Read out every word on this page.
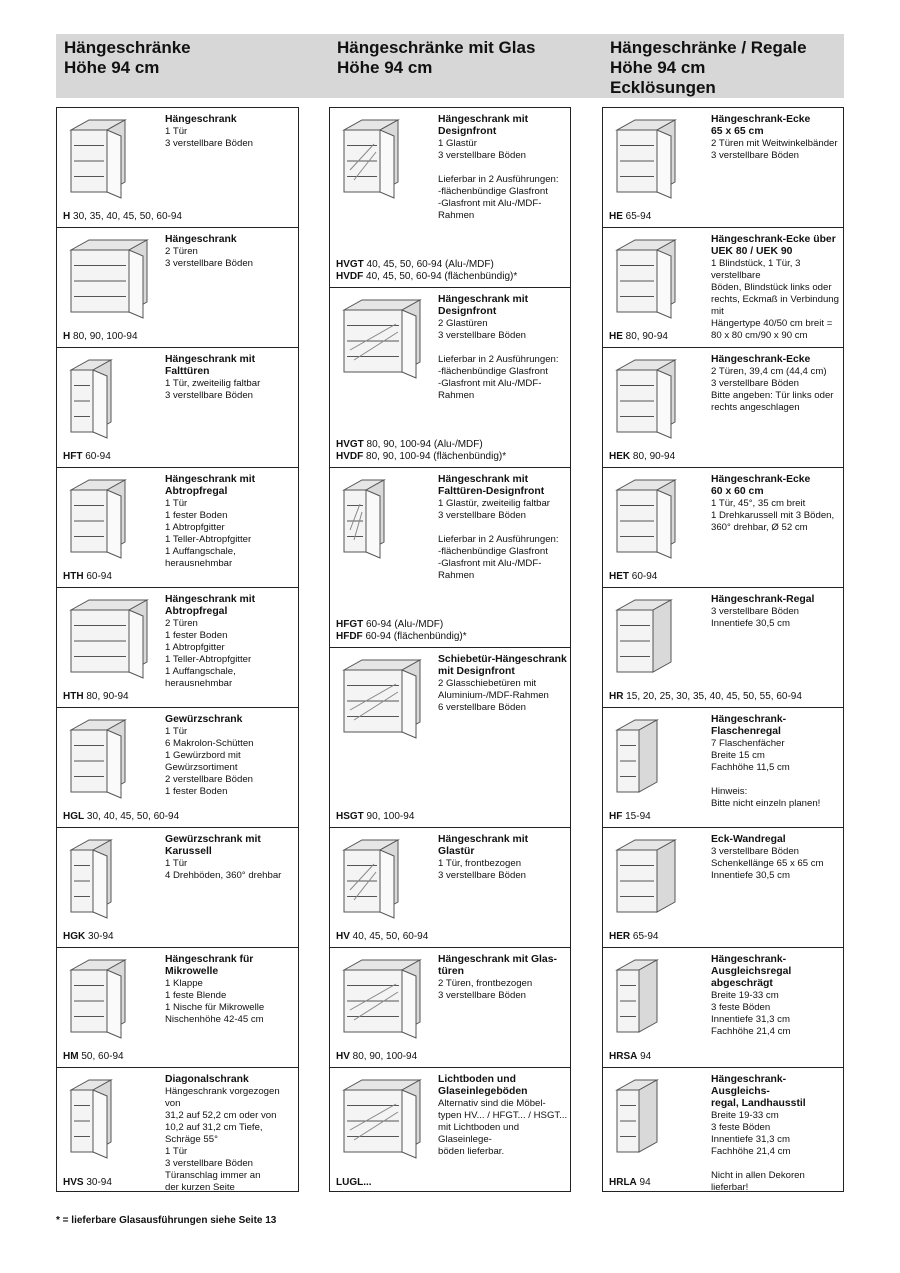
Hängeschränke
Höhe 94 cm
Hängeschränke mit Glas
Höhe 94 cm
Hängeschränke / Regale
Höhe 94 cm
Ecklösungen
Hängeschrank
1 Tür
3 verstellbare Böden
H 30, 35, 40, 45, 50, 60-94
Hängeschrank
2 Türen
3 verstellbare Böden
H 80, 90, 100-94
Hängeschrank mit
Falttüren
1 Tür, zweiteilig faltbar
3 verstellbare Böden
HFT 60-94
Hängeschrank mit
Abtropfregal
1 Tür
1 fester Boden
1 Abtropfgitter
1 Teller-Abtropfgitter
1 Auffangschale, herausnehmbar
HTH 60-94
Hängeschrank mit
Abtropfregal
2 Türen
1 fester Boden
1 Abtropfgitter
1 Teller-Abtropfgitter
1 Auffangschale, herausnehmbar
HTH 80, 90-94
Gewürzschrank
1 Tür
6 Makrolon-Schütten
1 Gewürzbord mit
Gewürzsortiment
2 verstellbare Böden
1 fester Boden
HGL 30, 40, 45, 50, 60-94
Gewürzschrank mit
Karussell
1 Tür
4 Drehböden, 360° drehbar
HGK 30-94
Hängeschrank für
Mikrowelle
1 Klappe
1 feste Blende
1 Nische für Mikrowelle
Nischenhöhe 42-45 cm
HM 50, 60-94
Diagonalschrank
Hängeschrank vorgezogen von
31,2 auf 52,2 cm oder von
10,2 auf 31,2 cm Tiefe,
Schräge 55°
1 Tür
3 verstellbare Böden
Türanschlag immer an
der kurzen Seite
HVS 30-94
Hängeschrank mit
Designfront
1 Glastür
3 verstellbare Böden

Lieferbar in 2 Ausführungen:
-flächenbündige Glasfront
-Glasfront mit Alu-/MDF-Rahmen
HVGT 40, 45, 50, 60-94 (Alu-/MDF)
HVDF 40, 45, 50, 60-94 (flächenbündig)*
Hängeschrank mit
Designfront
2 Glastüren
3 verstellbare Böden

Lieferbar in 2 Ausführungen:
-flächenbündige Glasfront
-Glasfront mit Alu-/MDF-Rahmen
HVGT 80, 90, 100-94 (Alu-/MDF)
HVDF 80, 90, 100-94 (flächenbündig)*
Hängeschrank mit
Falttüren-Designfront
1 Glastür, zweiteilig faltbar
3 verstellbare Böden

Lieferbar in 2 Ausführungen:
-flächenbündige Glasfront
-Glasfront mit Alu-/MDF-Rahmen
HFGT 60-94 (Alu-/MDF)
HFDF 60-94 (flächenbündig)*
Schiebetür-Hängeschrank
mit Designfront
2 Glasschiebetüren mit
Aluminium-/MDF-Rahmen
6 verstellbare Böden
HSGT 90, 100-94
Hängeschrank mit
Glastür
1 Tür, frontbezogen
3 verstellbare Böden
HV 40, 45, 50, 60-94
Hängeschrank mit Glas-
türen
2 Türen, frontbezogen
3 verstellbare Böden
HV 80, 90, 100-94
Lichtboden und
Glaseinlegeböden
Alternativ sind die Möbel-
typen HV... / HFGT... / HSGT...
mit Lichtboden und Glaseinlege-
böden lieferbar.
LUGL...
Hängeschrank-Ecke
65 x 65 cm
2 Türen mit Weitwinkelbänder
3 verstellbare Böden
HE 65-94
Hängeschrank-Ecke über
UEK 80 / UEK 90
1 Blindstück, 1 Tür, 3 verstellbare
Böden, Blindstück links oder
rechts, Eckmaß in Verbindung mit
Hängertype 40/50 cm breit =
80 x 80 cm/90 x 90 cm
HE 80, 90-94
Hängeschrank-Ecke
2 Türen, 39,4 cm (44,4 cm)
3 verstellbare Böden
Bitte angeben: Tür links oder
rechts angeschlagen
HEK 80, 90-94
Hängeschrank-Ecke
60 x 60 cm
1 Tür, 45°, 35 cm breit
1 Drehkarussell mit 3 Böden,
360° drehbar, Ø 52 cm
HET 60-94
Hängeschrank-Regal
3 verstellbare Böden
Innentiefe 30,5 cm
HR 15, 20, 25, 30, 35, 40, 45, 50, 55, 60-94
Hängeschrank-
Flaschenregal
7 Flaschenfächer
Breite 15 cm
Fachhöhe 11,5 cm

Hinweis:
Bitte nicht einzeln planen!
HF 15-94
Eck-Wandregal
3 verstellbare Böden
Schenkellänge 65 x 65 cm
Innentiefe 30,5 cm
HER 65-94
Hängeschrank-
Ausgleichsregal
abgeschrägt
Breite 19-33 cm
3 feste Böden
Innentiefe 31,3 cm
Fachhöhe 21,4 cm
HRSA 94
Hängeschrank-Ausgleichs-
regal, Landhausstil
Breite 19-33 cm
3 feste Böden
Innentiefe 31,3 cm
Fachhöhe 21,4 cm

Nicht in allen Dekoren lieferbar!
HRLA 94
* = lieferbare Glasausführungen siehe Seite 13
